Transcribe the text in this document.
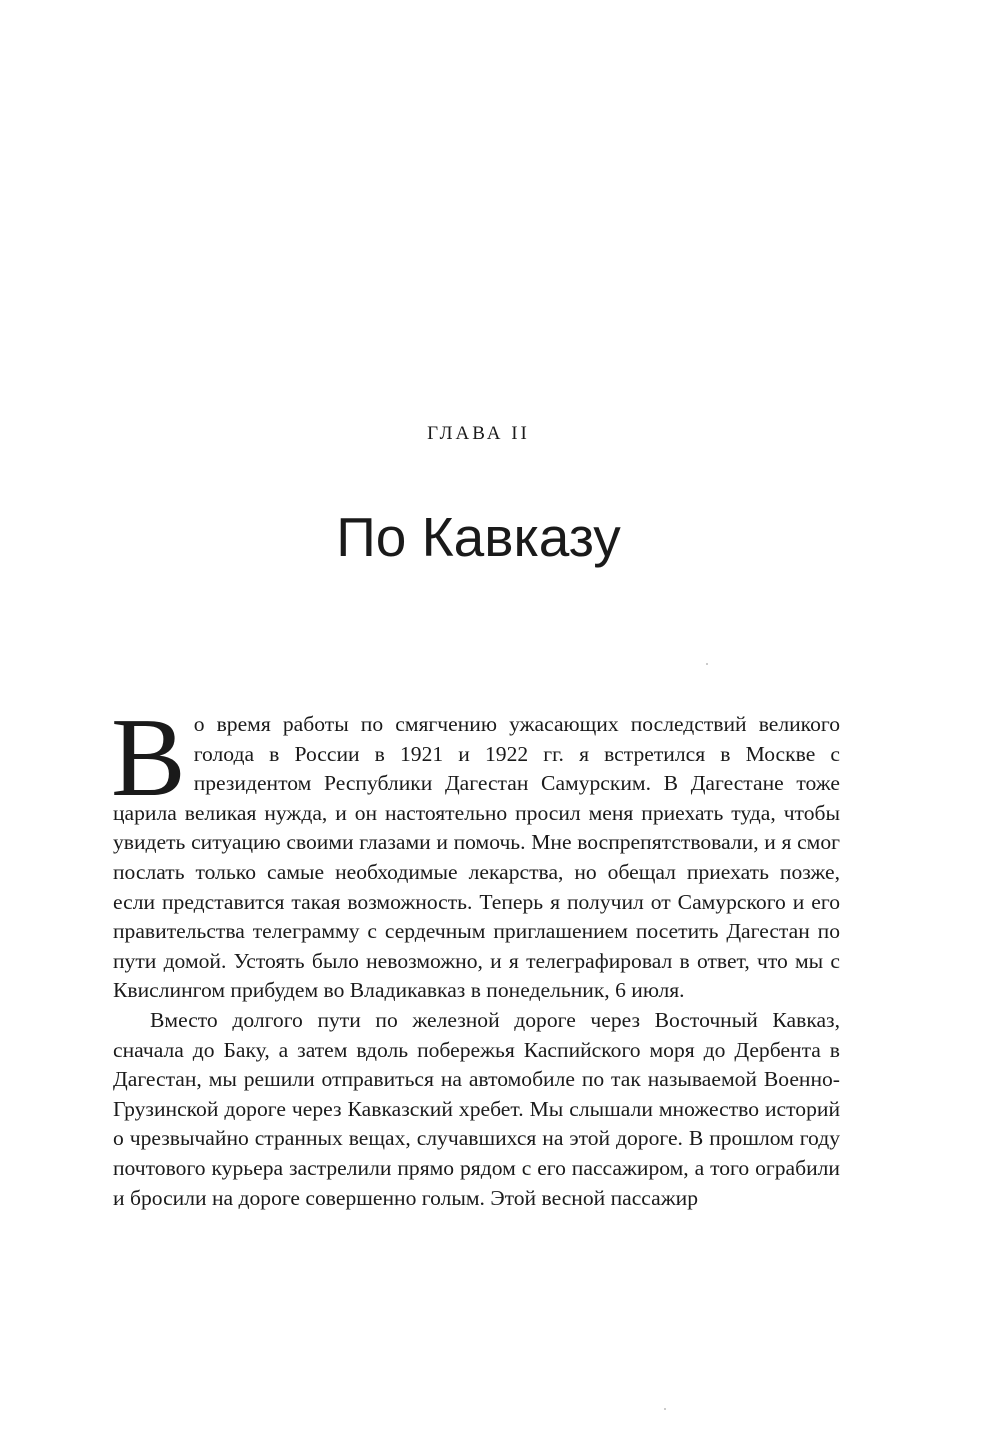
ГЛАВА II
По Кавказу

Во время работы по смягчению ужасающих последствий великого голода в России в 1921 и 1922 гг. я встретился в Москве с президентом Республики Дагестан Самурским. В Дагестане тоже царила великая нужда, и он настоятельно просил меня приехать туда, чтобы увидеть ситуацию своими глазами и помочь. Мне воспрепятствовали, и я смог послать только самые необходимые лекарства, но обещал приехать позже, если представится такая возможность. Теперь я получил от Самурского и его правительства телеграмму с сердечным приглашением посетить Дагестан по пути домой. Устоять было невозможно, и я телеграфировал в ответ, что мы с Квислингом прибудем во Владикавказ в понедельник, 6 июля.

Вместо долгого пути по железной дороге через Восточный Кавказ, сначала до Баку, а затем вдоль побережья Каспийского моря до Дербента в Дагестан, мы решили отправиться на автомобиле по так называемой Военно-Грузинской дороге через Кавказский хребет. Мы слышали множество историй о чрезвычайно странных вещах, случавшихся на этой дороге. В прошлом году почтового курьера застрелили прямо рядом с его пассажиром, а того ограбили и бросили на дороге совершенно голым. Этой весной пассажир
